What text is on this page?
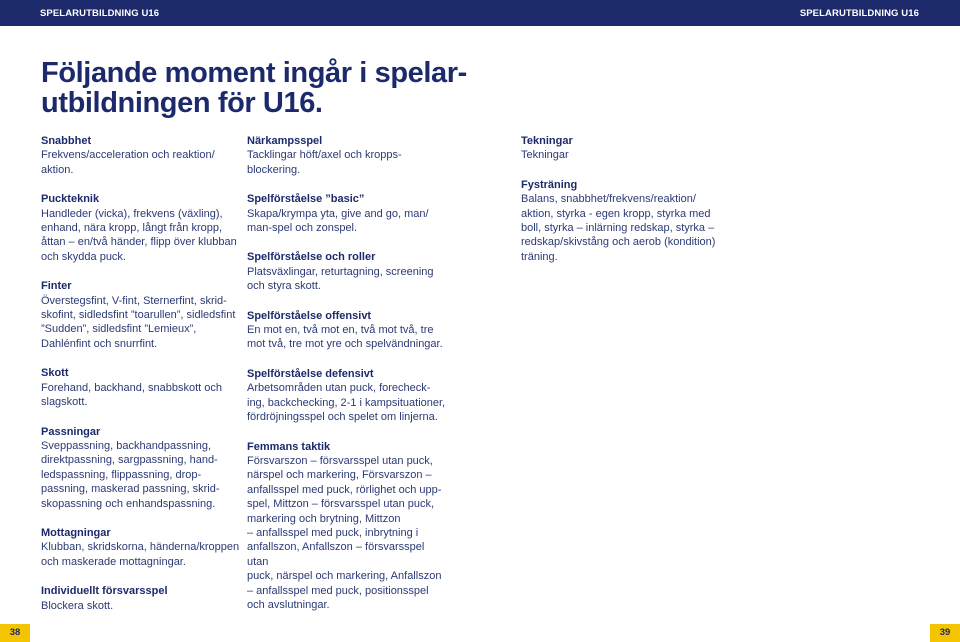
SPELARUTBILDNING U16	SPELARUTBILDNING U16
Följande moment ingår i spelar-
utbildningen för U16.
Snabbhet
Frekvens/acceleration och reaktion/
aktion.
Puckteknik
Handleder (vicka), frekvens (växling),
enhand, nära kropp, långt från kropp,
åttan – en/två händer, flipp över klubban
och skydda puck.
Finter
Överstegsfint, V-fint, Sternerfint, skrid-
skofint, sidledsfint ”toarullen”, sidledsfint
”Sudden”, sidledsfint ”Lemieux”,
Dahlénfint och snurrfint.
Skott
Forehand, backhand, snabbskott och
slagskott.
Passningar
Sveppassning, backhandpassning,
direktpassning, sargpassning, hand-
ledspassning, flippassning, drop-
passning, maskerad passning, skrid-
skopassning och enhandspassning.
Mottagningar
Klubban, skridskorna, händerna/kroppen
och maskerade mottagningar.
Individuellt försvarsspel
Blockera skott.
Närkampsspel
Tacklingar höft/axel och kropps-
blockering.
Spelförståelse ”basic”
Skapa/krympa yta, give and go, man/
man-spel och zonspel.
Spelförståelse och roller
Platsväxlingar, returtagning, screening
och styra skott.
Spelförståelse offensivt
En mot en, två mot en, två mot två, tre
mot två, tre mot yre och spelvändningar.
Spelförståelse defensivt
Arbetsområden utan puck, forecheck-
ing, backchecking, 2-1 i kampsituationer,
fördröjningsspel och spelet om linjerna.
Femmans taktik
Försvarszon – försvarsspel utan puck,
närspel och markering, Försvarszon –
anfallsspel med puck, rörlighet och upp-
spel, Mittzon – försvarsspel utan puck,
markering och brytning, Mittzon
– anfallsspel med puck, inbrytning i
anfallszon, Anfallszon – försvarsspel utan
puck, närspel och markering, Anfallszon
– anfallsspel med puck, positionsspel
och avslutningar.
Tekningar
Tekningar
Fysträning
Balans, snabbhet/frekvens/reaktion/
aktion, styrka - egen kropp, styrka med
boll, styrka – inlärning redskap, styrka –
redskap/skivstång och aerob (kondition)
träning.
38	39
